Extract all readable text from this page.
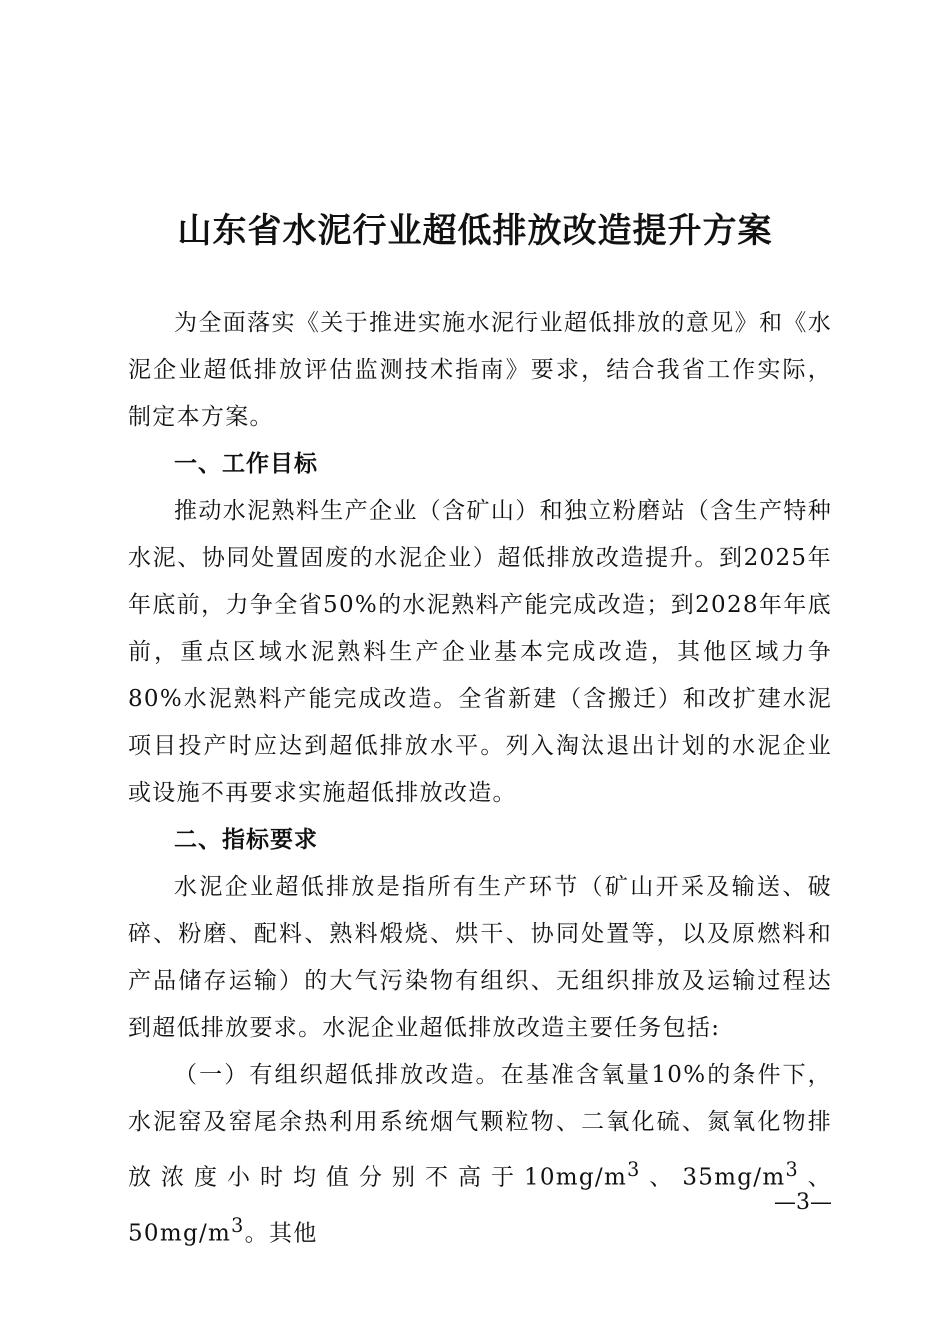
山东省水泥行业超低排放改造提升方案

为全面落实《关于推进实施水泥行业超低排放的意见》和《水泥企业超低排放评估监测技术指南》要求，结合我省工作实际，制定本方案。

一、工作目标

推动水泥熟料生产企业（含矿山）和独立粉磨站（含生产特种水泥、协同处置固废的水泥企业）超低排放改造提升。到2025年年底前，力争全省50%的水泥熟料产能完成改造；到2028年年底前，重点区域水泥熟料生产企业基本完成改造，其他区域力争80%水泥熟料产能完成改造。全省新建（含搬迁）和改扩建水泥项目投产时应达到超低排放水平。列入淘汰退出计划的水泥企业或设施不再要求实施超低排放改造。

二、指标要求

水泥企业超低排放是指所有生产环节（矿山开采及输送、破碎、粉磨、配料、熟料煅烧、烘干、协同处置等，以及原燃料和产品储存运输）的大气污染物有组织、无组织排放及运输过程达到超低排放要求。水泥企业超低排放改造主要任务包括:

（一）有组织超低排放改造。在基准含氧量10%的条件下，水泥窑及窑尾余热利用系统烟气颗粒物、二氧化硫、氮氧化物排放浓度小时均值分别不高于$10mg/m^3$、$35mg/m^3$、$50mg/m^3$。其他

—3—
